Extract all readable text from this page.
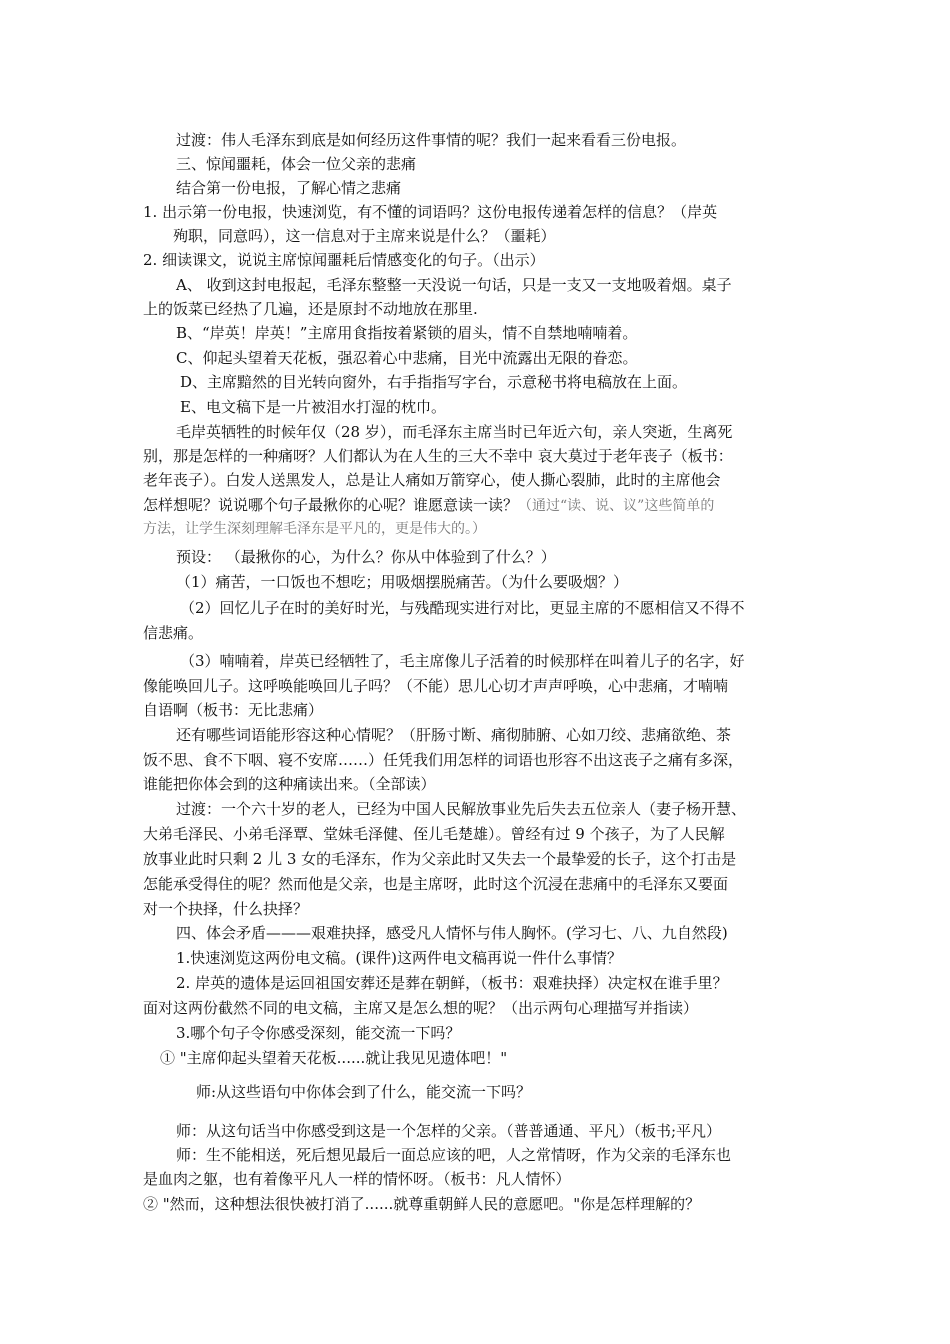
过渡：伟人毛泽东到底是如何经历这件事情的呢？我们一起来看看三份电报。
三、惊闻噩耗，体会一位父亲的悲痛
结合第一份电报，了解心情之悲痛
1. 出示第一份电报，快速浏览，有不懂的词语吗？这份电报传递着怎样的信息？（岸英
殉职，同意吗），这一信息对于主席来说是什么？（噩耗）
2. 细读课文，说说主席惊闻噩耗后情感变化的句子。（出示）
A、 收到这封电报起，毛泽东整整一天没说一句话，只是一支又一支地吸着烟。桌子
上的饭菜已经热了几遍，还是原封不动地放在那里.
B、“岸英！岸英！”主席用食指按着紧锁的眉头，情不自禁地喃喃着。
C、仰起头望着天花板，强忍着心中悲痛，目光中流露出无限的眷恋。
D、主席黯然的目光转向窗外，右手指指写字台，示意秘书将电稿放在上面。
E、电文稿下是一片被泪水打湿的枕巾。
毛岸英牺牲的时候年仅（28 岁），而毛泽东主席当时已年近六旬，亲人突逝，生离死
别，那是怎样的一种痛呀？人们都认为在人生的三大不幸中 哀大莫过于老年丧子（板书：
老年丧子）。白发人送黑发人，总是让人痛如万箭穿心，使人撕心裂肺，此时的主席他会
怎样想呢？说说哪个句子最揪你的心呢？谁愿意读一读？（通过“读、说、议”这些简单的
方法，让学生深刻理解毛泽东是平凡的，更是伟大的。）
预设： （最揪你的心，为什么？你从中体验到了什么？）
（1）痛苦，一口饭也不想吃；用吸烟摆脱痛苦。（为什么要吸烟？）
（2）回忆儿子在时的美好时光，与残酷现实进行对比，更显主席的不愿相信又不得不
信悲痛。
（3）喃喃着，岸英已经牺牲了，毛主席像儿子活着的时候那样在叫着儿子的名字，好
像能唤回儿子。这呼唤能唤回儿子吗？（不能）思儿心切才声声呼唤，心中悲痛，才喃喃
自语啊（板书：无比悲痛）
还有哪些词语能形容这种心情呢？（肝肠寸断、痛彻肺腑、心如刀绞、悲痛欲绝、茶
饭不思、食不下咽、寝不安席……）任凭我们用怎样的词语也形容不出这丧子之痛有多深，
谁能把你体会到的这种痛读出来。（全部读）
过渡：一个六十岁的老人，已经为中国人民解放事业先后失去五位亲人（妻子杨开慧、
大弟毛泽民、小弟毛泽覃、堂妹毛泽健、侄儿毛楚雄）。曾经有过 9 个孩子，为了人民解
放事业此时只剩 2 儿 3 女的毛泽东，作为父亲此时又失去一个最挚爱的长子，这个打击是
怎能承受得住的呢？然而他是父亲，也是主席呀，此时这个沉浸在悲痛中的毛泽东又要面
对一个抉择，什么抉择？
四、体会矛盾———艰难抉择，感受凡人情怀与伟人胸怀。(学习七、八、九自然段)
1.快速浏览这两份电文稿。(课件)这两件电文稿再说一件什么事情？
2. 岸英的遗体是运回祖国安葬还是葬在朝鲜，（板书：艰难抉择）决定权在谁手里？
面对这两份截然不同的电文稿，主席又是怎么想的呢？（出示两句心理描写并指读）
3.哪个句子令你感受深刻，能交流一下吗？
① "主席仰起头望着天花板......就让我见见遗体吧！"
师:从这些语句中你体会到了什么，能交流一下吗？
师：从这句话当中你感受到这是一个怎样的父亲。（普普通通、平凡）（板书;平凡）
师：生不能相送，死后想见最后一面总应该的吧，人之常情呀，作为父亲的毛泽东也
是血肉之躯，也有着像平凡人一样的情怀呀。（板书：凡人情怀）
② "然而，这种想法很快被打消了......就尊重朝鲜人民的意愿吧。"你是怎样理解的？
